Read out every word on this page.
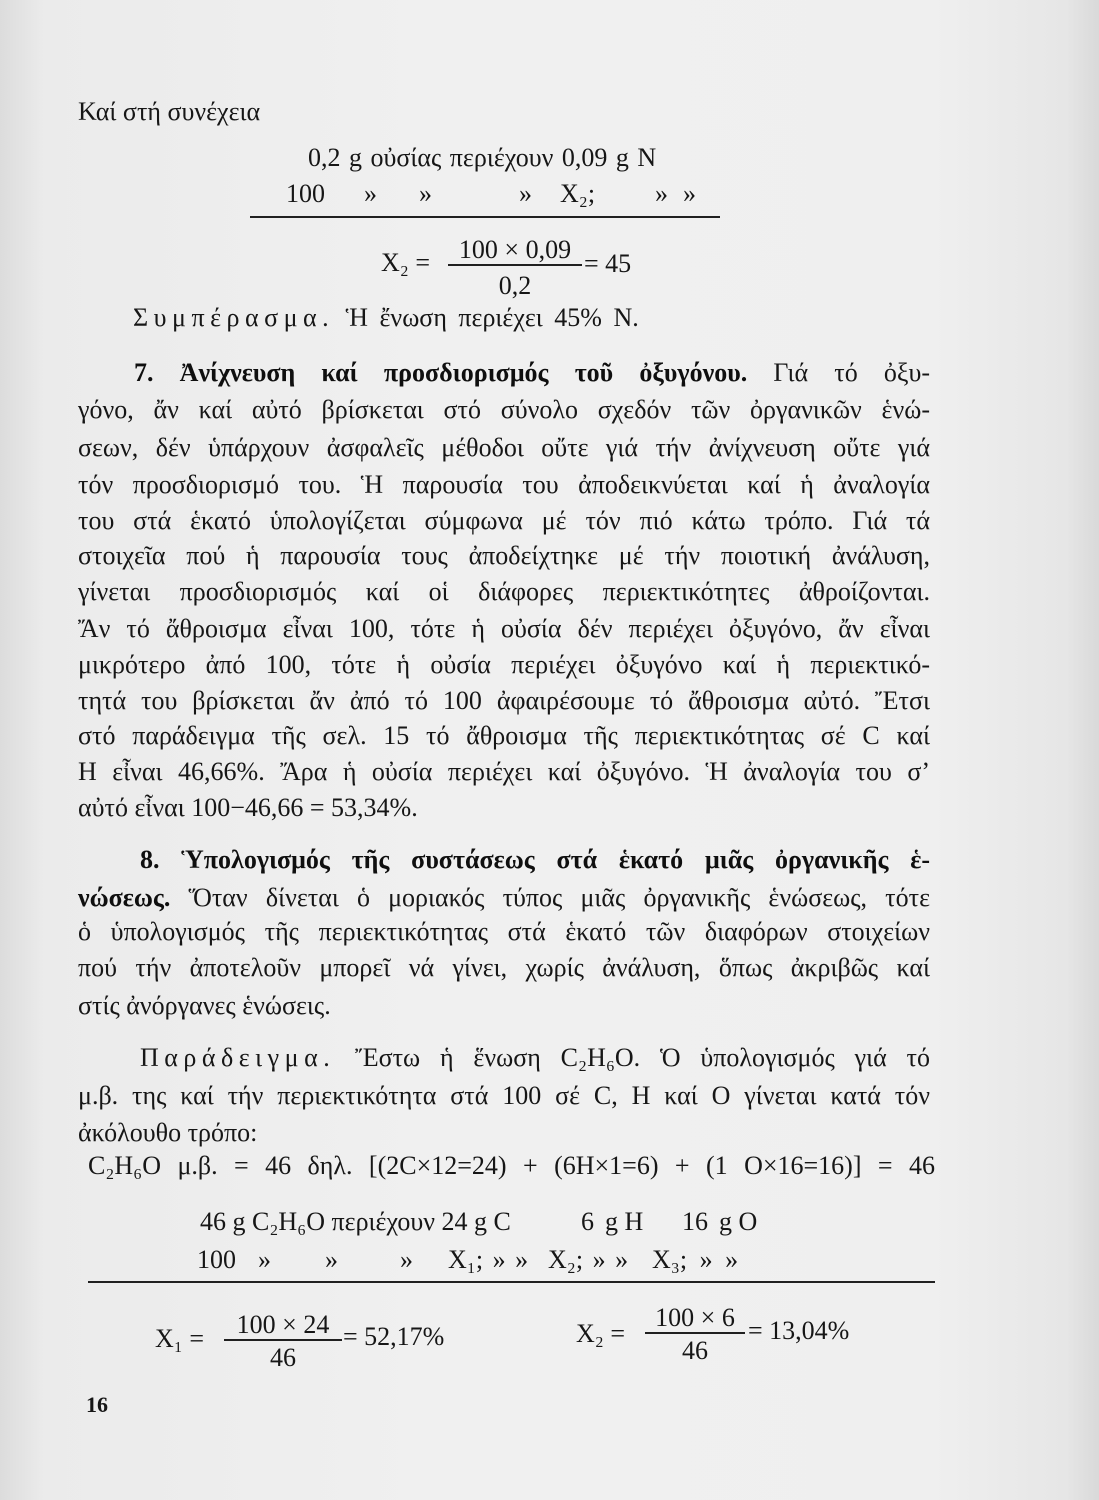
Καί στή συνέχεια
0,2 g οὐσίας περιέχουν 0,09 g N
100 » »	» X₂; » »
X₂ =	100 × 0,09
0,2
= 45
Συμπέρασμα. Ἡ ἔνωση περιέχει 45% N.
7. Ἀνίχνευση καί προσδιορισμός τοῦ ὀξυγόνου. Γιά τό ὀξυ-
γόνο, ἄν καί αὐτό βρίσκεται στό σύνολο σχεδόν τῶν ὀργανικῶν ἑνώ-
σεων, δέν ὑπάρχουν ἀσφαλεῖς μέθοδοι οὔτε γιά τήν ἀνίχνευση οὔτε γιά
τόν προσδιορισμό του. Ἡ παρουσία του ἀποδεικνύεται καί ἡ ἀναλογία
του στά ἑκατό ὑπολογίζεται σύμφωνα μέ τόν πιό κάτω τρόπο. Γιά τά
στοιχεῖα πού ἡ παρουσία τους ἀποδείχτηκε μέ τήν ποιοτική ἀνάλυση,
γίνεται προσδιορισμός καί οἱ διάφορες περιεκτικότητες ἀθροίζονται.
Ἄν τό ἄθροισμα εἶναι 100, τότε ἡ οὐσία δέν περιέχει ὀξυγόνο, ἄν εἶναι
μικρότερο ἀπό 100, τότε ἡ οὐσία περιέχει ὀξυγόνο καί ἡ περιεκτικό-
τητά του βρίσκεται ἄν ἀπό τό 100 ἀφαιρέσουμε τό ἄθροισμα αὐτό. Ἔτσι
στό παράδειγμα τῆς σελ. 15 τό ἄθροισμα τῆς περιεκτικότητας σέ C καί
H εἶναι 46,66%. Ἄρα ἡ οὐσία περιέχει καί ὀξυγόνο. Ἡ ἀναλογία του σ’
αὐτό εἶναι 100−46,66 = 53,34%.
8. Ὑπολογισμός τῆς συστάσεως στά ἑκατό μιᾶς ὀργανικῆς ἑ-
νώσεως. Ὅταν δίνεται ὁ μοριακός τύπος μιᾶς ὀργανικῆς ἑνώσεως, τότε
ὁ ὑπολογισμός τῆς περιεκτικότητας στά ἑκατό τῶν διαφόρων στοιχείων
πού τήν ἀποτελοῦν μπορεῖ νά γίνει, χωρίς ἀνάλυση, ὅπως ἀκριβῶς καί
στίς ἀνόργανες ἑνώσεις.
Παράδειγμα. Ἔστω ἡ ἕνωση C₂H₆O. Ὁ ὑπολογισμός γιά τό
μ.β. της καί τήν περιεκτικότητα στά 100 σέ C, H καί O γίνεται κατά τόν
ἀκόλουθο τρόπο:
C₂H₆O μ.β. = 46 δηλ. [(2C×12=24) + (6H×1=6) + (1 O×16=16)] = 46
46 g C₂H₆O περιέχουν 24 g C	6 g H 16 g O
100 » » » X₁; » » X₂; » » X₃; » »
X₁ =	100 × 24
46
= 52,17%	X₂ =
100 × 6
46
= 13,04%
16
